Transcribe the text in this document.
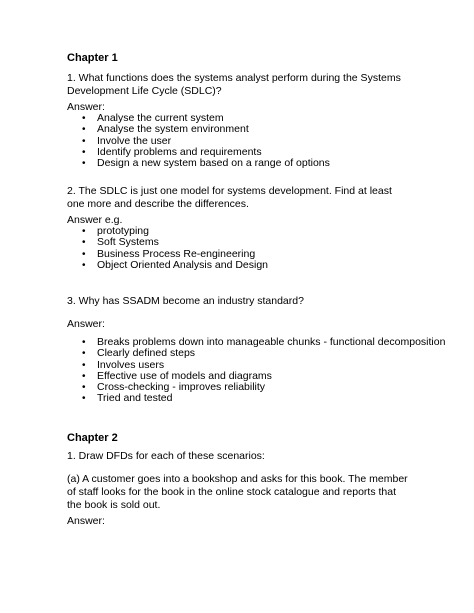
Chapter 1
1. What functions does the systems analyst perform during the Systems Development Life Cycle (SDLC)?
Answer:
• Analyse the current system
• Analyse the system environment
• Involve the user
• Identify problems and requirements
• Design a new system based on a range of options
2. The SDLC is just one model for systems development. Find at least one more and describe the differences.
Answer e.g.
• prototyping
• Soft Systems
• Business Process Re-engineering
• Object Oriented Analysis and Design
3. Why has SSADM become an industry standard?
Answer:
• Breaks problems down into manageable chunks - functional decomposition
• Clearly defined steps
• Involves users
• Effective use of models and diagrams
• Cross-checking - improves reliability
• Tried and tested
Chapter 2
1. Draw DFDs for each of these scenarios:
(a) A customer goes into a bookshop and asks for this book. The member of staff looks for the book in the online stock catalogue and reports that the book is sold out.
Answer:
